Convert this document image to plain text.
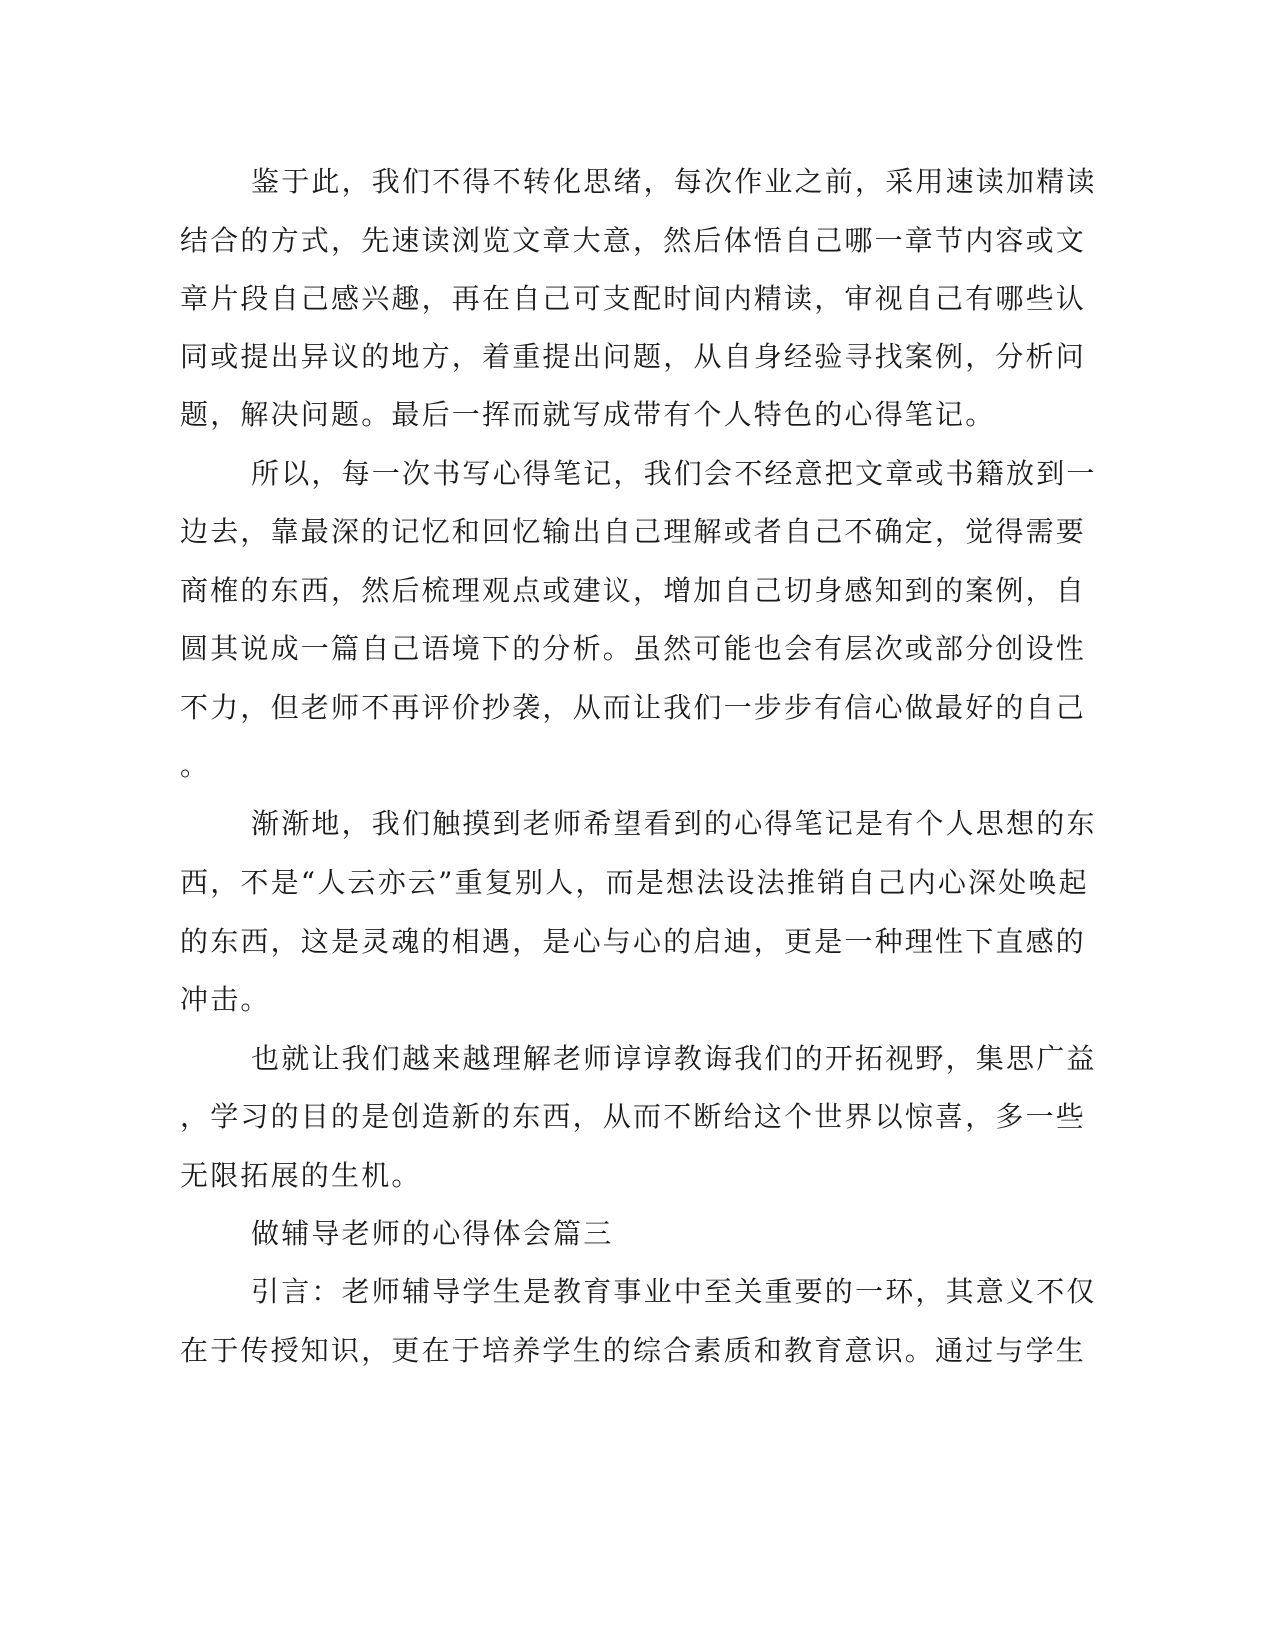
鉴于此，我们不得不转化思绪，每次作业之前，采用速读加精读
结合的方式，先速读浏览文章大意，然后体悟自己哪一章节内容或文
章片段自己感兴趣，再在自己可支配时间内精读，审视自己有哪些认
同或提出异议的地方，着重提出问题，从自身经验寻找案例，分析问
题，解决问题。最后一挥而就写成带有个人特色的心得笔记。
所以，每一次书写心得笔记，我们会不经意把文章或书籍放到一
边去，靠最深的记忆和回忆输出自己理解或者自己不确定，觉得需要
商榷的东西，然后梳理观点或建议，增加自己切身感知到的案例，自
圆其说成一篇自己语境下的分析。虽然可能也会有层次或部分创设性
不力，但老师不再评价抄袭，从而让我们一步步有信心做最好的自己
。
渐渐地，我们触摸到老师希望看到的心得笔记是有个人思想的东
西，不是“人云亦云”重复别人，而是想法设法推销自己内心深处唤起
的东西，这是灵魂的相遇，是心与心的启迪，更是一种理性下直感的
冲击。
也就让我们越来越理解老师谆谆教诲我们的开拓视野，集思广益
，学习的目的是创造新的东西，从而不断给这个世界以惊喜，多一些
无限拓展的生机。
做辅导老师的心得体会篇三
引言：老师辅导学生是教育事业中至关重要的一环，其意义不仅
在于传授知识，更在于培养学生的综合素质和教育意识。通过与学生
